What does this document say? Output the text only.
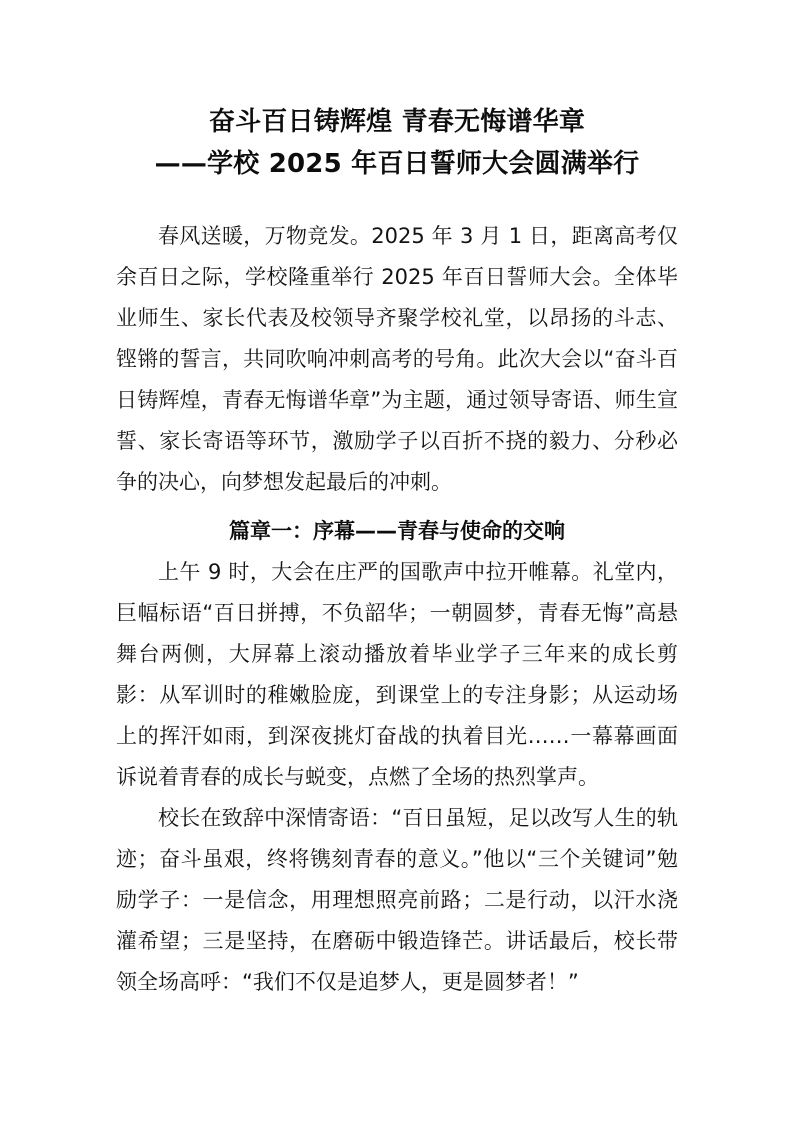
奋斗百日铸辉煌 青春无悔谱华章
——学校 2025 年百日誓师大会圆满举行

春风送暖，万物竞发。2025 年 3 月 1 日，距离高考仅余百日之际，学校隆重举行 2025 年百日誓师大会。全体毕业师生、家长代表及校领导齐聚学校礼堂，以昂扬的斗志、铿锵的誓言，共同吹响冲刺高考的号角。此次大会以“奋斗百日铸辉煌，青春无悔谱华章”为主题，通过领导寄语、师生宣誓、家长寄语等环节，激励学子以百折不挠的毅力、分秒必争的决心，向梦想发起最后的冲刺。

篇章一：序幕——青春与使命的交响

上午 9 时，大会在庄严的国歌声中拉开帷幕。礼堂内，巨幅标语“百日拼搏，不负韶华；一朝圆梦，青春无悔”高悬舞台两侧，大屏幕上滚动播放着毕业学子三年来的成长剪影：从军训时的稚嫩脸庞，到课堂上的专注身影；从运动场上的挥汗如雨，到深夜挑灯奋战的执着目光……一幕幕画面诉说着青春的成长与蜕变，点燃了全场的热烈掌声。

校长在致辞中深情寄语：“百日虽短，足以改写人生的轨迹；奋斗虽艰，终将镌刻青春的意义。”他以“三个关键词”勉励学子：一是信念，用理想照亮前路；二是行动，以汗水浇灌希望；三是坚持，在磨砺中锻造锋芒。讲话最后，校长带领全场高呼：“我们不仅是追梦人，更是圆梦者！”
